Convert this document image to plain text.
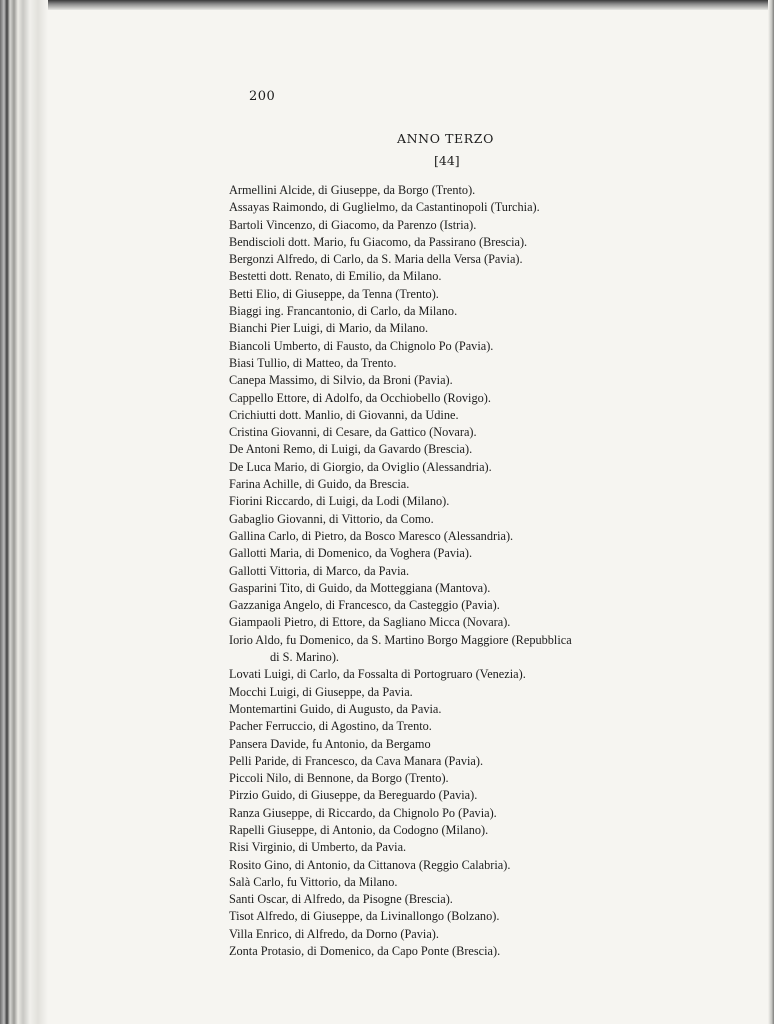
200
ANNO TERZO
[44]
Armellini Alcide, di Giuseppe, da Borgo (Trento).
Assayas Raimondo, di Guglielmo, da Castantinopoli (Turchia).
Bartoli Vincenzo, di Giacomo, da Parenzo (Istria).
Bendiscioli dott. Mario, fu Giacomo, da Passirano (Brescia).
Bergonzi Alfredo, di Carlo, da S. Maria della Versa (Pavia).
Bestetti dott. Renato, di Emilio, da Milano.
Betti Elio, di Giuseppe, da Tenna (Trento).
Biaggi ing. Francantonio, di Carlo, da Milano.
Bianchi Pier Luigi, di Mario, da Milano.
Biancoli Umberto, di Fausto, da Chignolo Po (Pavia).
Biasi Tullio, di Matteo, da Trento.
Canepa Massimo, di Silvio, da Broni (Pavia).
Cappello Ettore, di Adolfo, da Occhiobello (Rovigo).
Crichiutti dott. Manlio, di Giovanni, da Udine.
Cristina Giovanni, di Cesare, da Gattico (Novara).
De Antoni Remo, di Luigi, da Gavardo (Brescia).
De Luca Mario, di Giorgio, da Oviglio (Alessandria).
Farina Achille, di Guido, da Brescia.
Fiorini Riccardo, di Luigi, da Lodi (Milano).
Gabaglio Giovanni, di Vittorio, da Como.
Gallina Carlo, di Pietro, da Bosco Maresco (Alessandria).
Gallotti Maria, di Domenico, da Voghera (Pavia).
Gallotti Vittoria, di Marco, da Pavia.
Gasparini Tito, di Guido, da Motteggiana (Mantova).
Gazzaniga Angelo, di Francesco, da Casteggio (Pavia).
Giampaoli Pietro, di Ettore, da Sagliano Micca (Novara).
Iorio Aldo, fu Domenico, da S. Martino Borgo Maggiore (Repubblica
di S. Marino).
Lovati Luigi, di Carlo, da Fossalta di Portogruaro (Venezia).
Mocchi Luigi, di Giuseppe, da Pavia.
Montemartini Guido, di Augusto, da Pavia.
Pacher Ferruccio, di Agostino, da Trento.
Pansera Davide, fu Antonio, da Bergamo
Pelli Paride, di Francesco, da Cava Manara (Pavia).
Piccoli Nilo, di Bennone, da Borgo (Trento).
Pirzio Guido, di Giuseppe, da Bereguardo (Pavia).
Ranza Giuseppe, di Riccardo, da Chignolo Po (Pavia).
Rapelli Giuseppe, di Antonio, da Codogno (Milano).
Risi Virginio, di Umberto, da Pavia.
Rosito Gino, di Antonio, da Cittanova (Reggio Calabria).
Salà Carlo, fu Vittorio, da Milano.
Santi Oscar, di Alfredo, da Pisogne (Brescia).
Tisot Alfredo, di Giuseppe, da Livinallongo (Bolzano).
Villa Enrico, di Alfredo, da Dorno (Pavia).
Zonta Protasio, di Domenico, da Capo Ponte (Brescia).
